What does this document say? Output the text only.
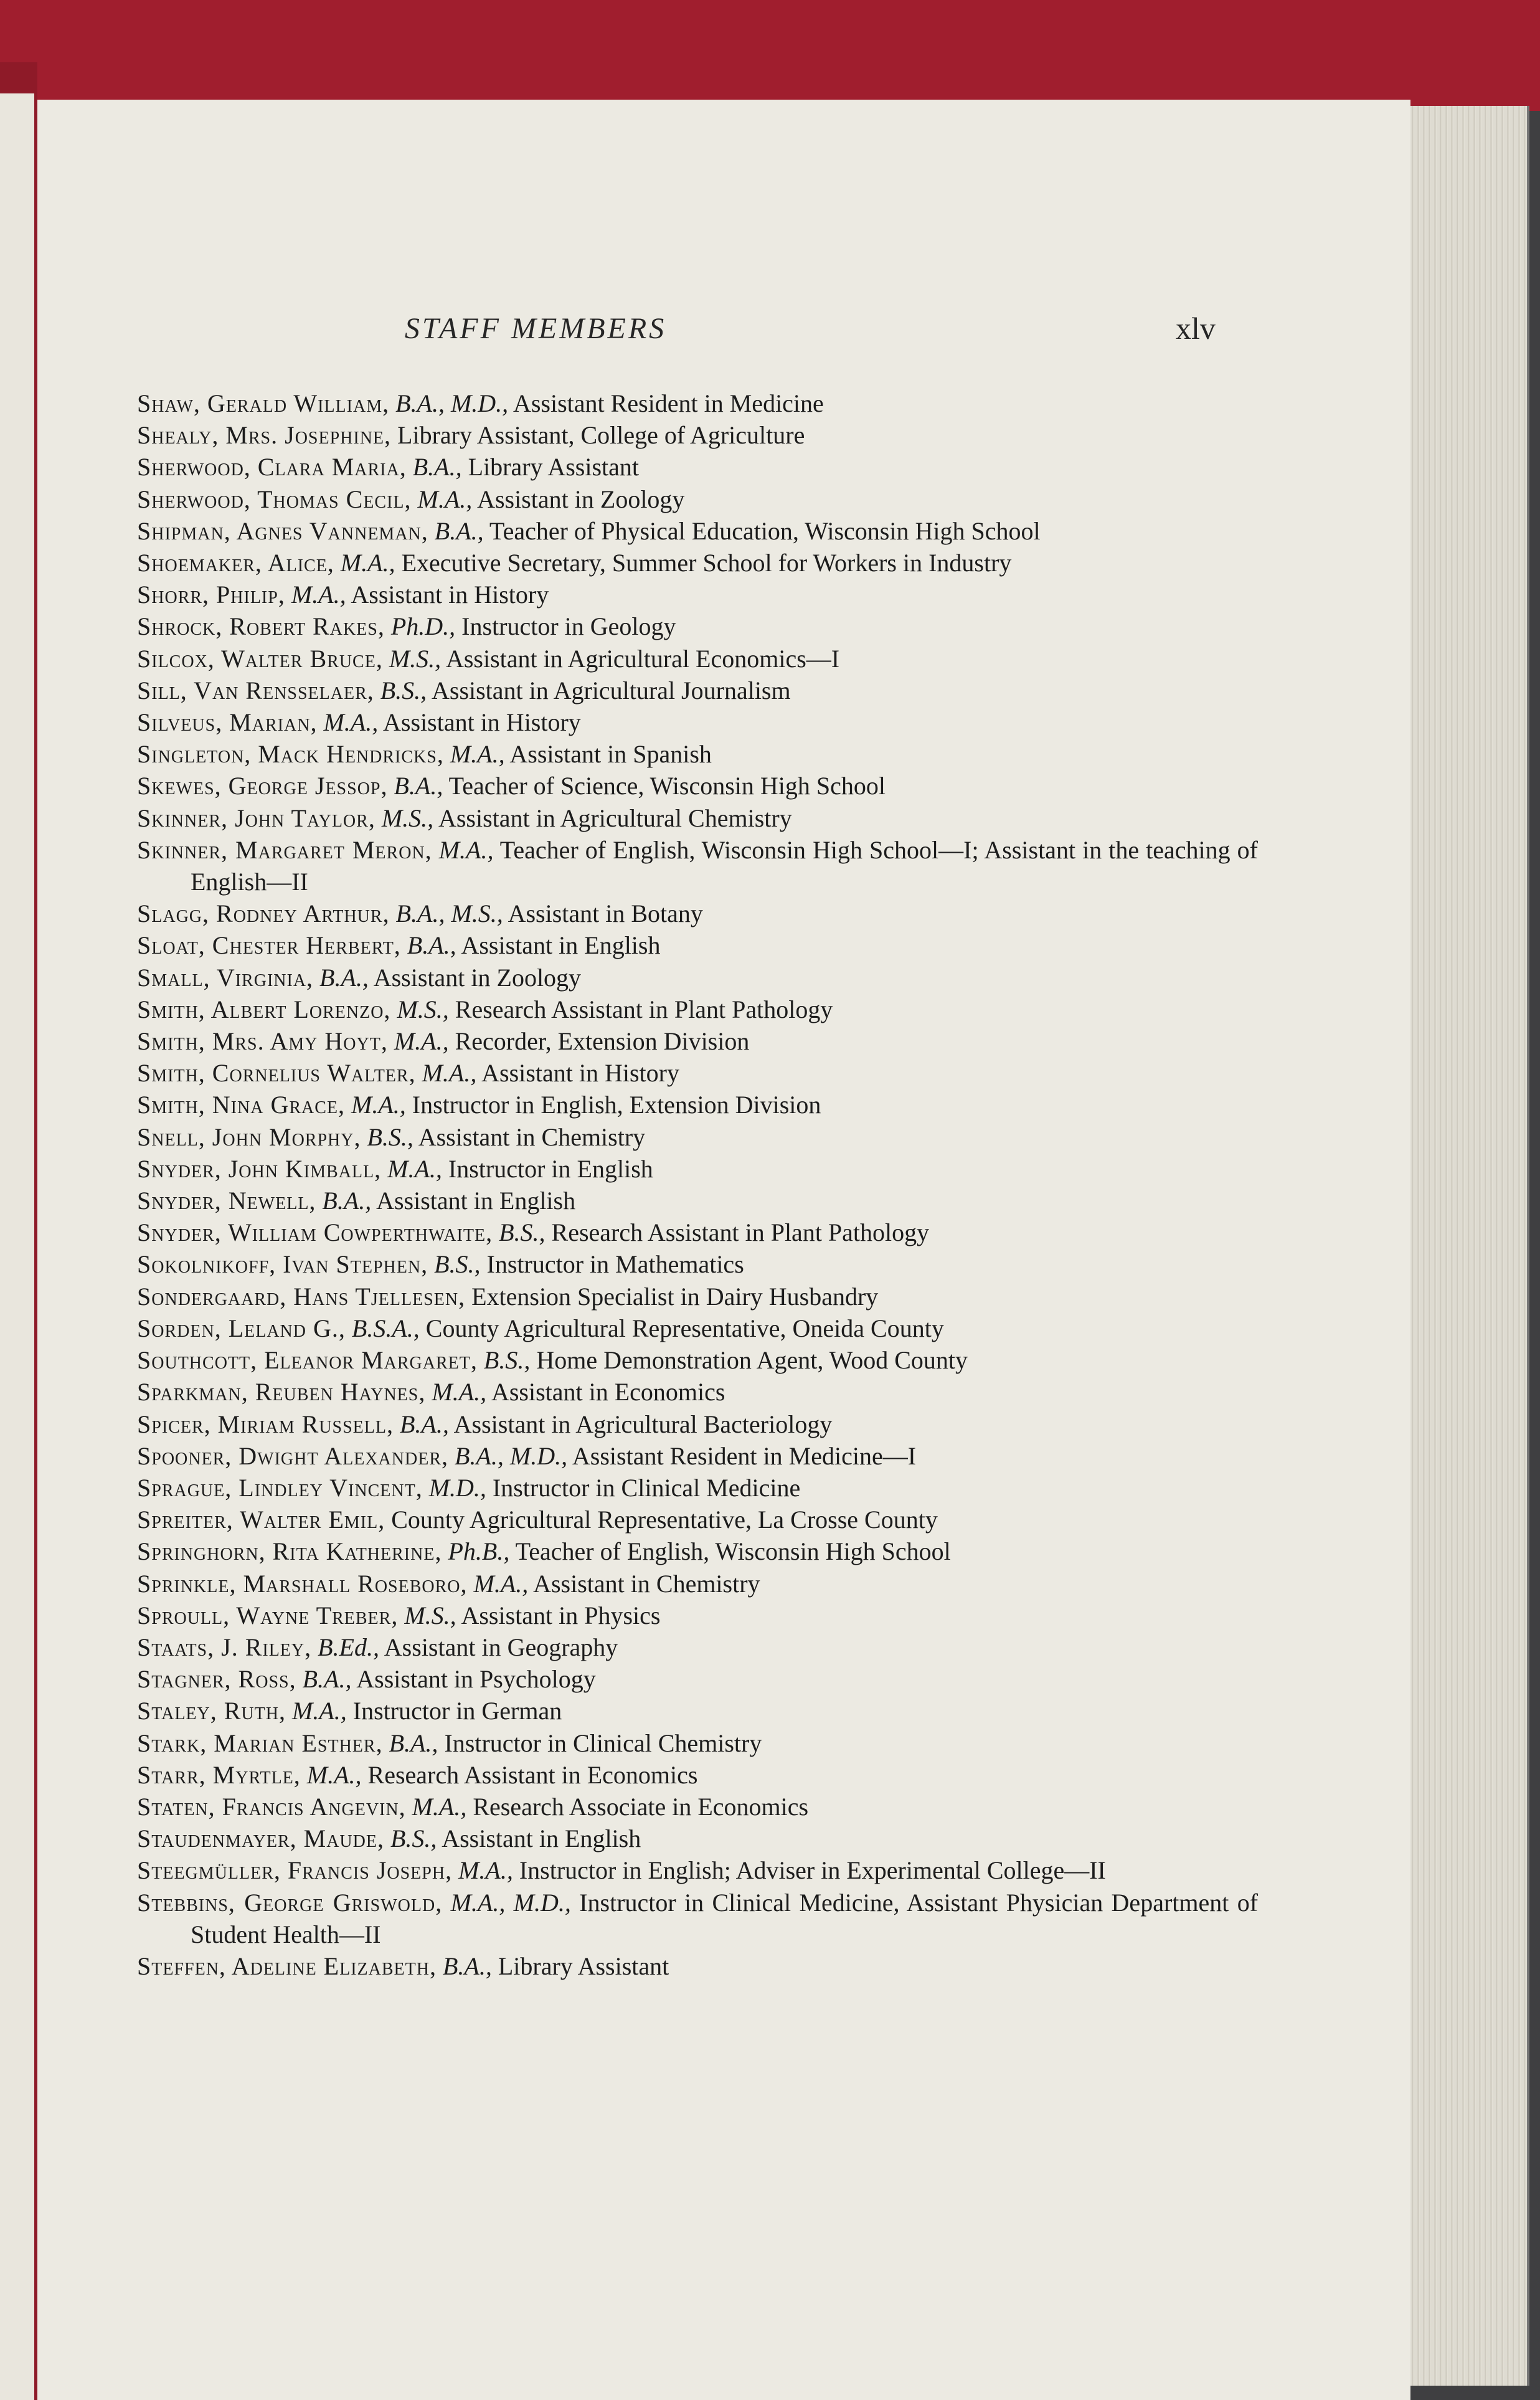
STAFF MEMBERS	xlv
Shaw, Gerald William, B.A., M.D., Assistant Resident in Medicine
Shealy, Mrs. Josephine, Library Assistant, College of Agriculture
Sherwood, Clara Maria, B.A., Library Assistant
Sherwood, Thomas Cecil, M.A., Assistant in Zoology
Shipman, Agnes Vanneman, B.A., Teacher of Physical Education, Wisconsin High School
Shoemaker, Alice, M.A., Executive Secretary, Summer School for Workers in Industry
Shorr, Philip, M.A., Assistant in History
Shrock, Robert Rakes, Ph.D., Instructor in Geology
Silcox, Walter Bruce, M.S., Assistant in Agricultural Economics—I
Sill, Van Rensselaer, B.S., Assistant in Agricultural Journalism
Silveus, Marian, M.A., Assistant in History
Singleton, Mack Hendricks, M.A., Assistant in Spanish
Skewes, George Jessop, B.A., Teacher of Science, Wisconsin High School
Skinner, John Taylor, M.S., Assistant in Agricultural Chemistry
Skinner, Margaret Meron, M.A., Teacher of English, Wisconsin High School—I; Assistant in the teaching of English—II
Slagg, Rodney Arthur, B.A., M.S., Assistant in Botany
Sloat, Chester Herbert, B.A., Assistant in English
Small, Virginia, B.A., Assistant in Zoology
Smith, Albert Lorenzo, M.S., Research Assistant in Plant Pathology
Smith, Mrs. Amy Hoyt, M.A., Recorder, Extension Division
Smith, Cornelius Walter, M.A., Assistant in History
Smith, Nina Grace, M.A., Instructor in English, Extension Division
Snell, John Morphy, B.S., Assistant in Chemistry
Snyder, John Kimball, M.A., Instructor in English
Snyder, Newell, B.A., Assistant in English
Snyder, William Cowperthwaite, B.S., Research Assistant in Plant Pathology
Sokolnikoff, Ivan Stephen, B.S., Instructor in Mathematics
Sondergaard, Hans Tjellesen, Extension Specialist in Dairy Husbandry
Sorden, Leland G., B.S.A., County Agricultural Representative, Oneida County
Southcott, Eleanor Margaret, B.S., Home Demonstration Agent, Wood County
Sparkman, Reuben Haynes, M.A., Assistant in Economics
Spicer, Miriam Russell, B.A., Assistant in Agricultural Bacteriology
Spooner, Dwight Alexander, B.A., M.D., Assistant Resident in Medicine—I
Sprague, Lindley Vincent, M.D., Instructor in Clinical Medicine
Spreiter, Walter Emil, County Agricultural Representative, La Crosse County
Springhorn, Rita Katherine, Ph.B., Teacher of English, Wisconsin High School
Sprinkle, Marshall Roseboro, M.A., Assistant in Chemistry
Sproull, Wayne Treber, M.S., Assistant in Physics
Staats, J. Riley, B.Ed., Assistant in Geography
Stagner, Ross, B.A., Assistant in Psychology
Staley, Ruth, M.A., Instructor in German
Stark, Marian Esther, B.A., Instructor in Clinical Chemistry
Starr, Myrtle, M.A., Research Assistant in Economics
Staten, Francis Angevin, M.A., Research Associate in Economics
Staudenmayer, Maude, B.S., Assistant in English
Steegmüller, Francis Joseph, M.A., Instructor in English; Adviser in Experimental College—II
Stebbins, George Griswold, M.A., M.D., Instructor in Clinical Medicine, Assistant Physician Department of Student Health—II
Steffen, Adeline Elizabeth, B.A., Library Assistant
